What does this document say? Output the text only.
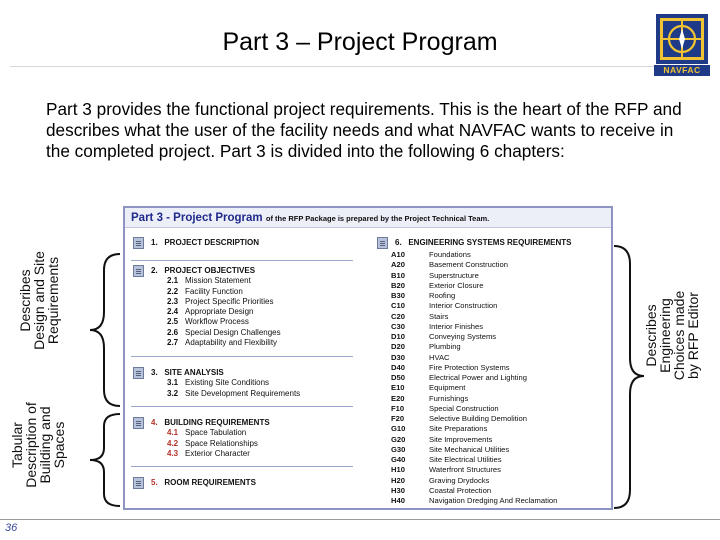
Part 3 – Project Program
NAVFAC
Part 3 provides the functional project requirements. This is the heart of the RFP and describes what the user of the facility needs and what NAVFAC wants to receive in the completed project. Part 3 is divided into the following 6 chapters:
Describes
Design and Site
Requirements
Tabular
Description of
Building and
Spaces
Describes
Engineering
Choices made
by RFP Editor
Part 3 - Project Program of the RFP Package is prepared by the Project Technical Team.
1. PROJECT DESCRIPTION
2. PROJECT OBJECTIVES
2.1 Mission Statement
2.2 Facility Function
2.3 Project Specific Priorities
2.4 Appropriate Design
2.5 Workflow Process
2.6 Special Design Challenges
2.7 Adaptability and Flexibility
3. SITE ANALYSIS
3.1 Existing Site Conditions
3.2 Site Development Requirements
4. BUILDING REQUIREMENTS
4.1 Space Tabulation
4.2 Space Relationships
4.3 Exterior Character
5. ROOM REQUIREMENTS
6. ENGINEERING SYSTEMS REQUIREMENTS
A10	Foundations
A20	Basement Construction
B10	Superstructure
B20	Exterior Closure
B30	Roofing
C10	Interior Construction
C20	Stairs
C30	Interior Finishes
D10	Conveying Systems
D20	Plumbing
D30	HVAC
D40	Fire Protection Systems
D50	Electrical Power and Lighting
E10	Equipment
E20	Furnishings
F10	Special Construction
F20	Selective Building Demolition
G10	Site Preparations
G20	Site Improvements
G30	Site Mechanical Utilities
G40	Site Electrical Utilities
H10	Waterfront Structures
H20	Graving Drydocks
H30	Coastal Protection
H40	Navigation Dredging And Reclamation
36
